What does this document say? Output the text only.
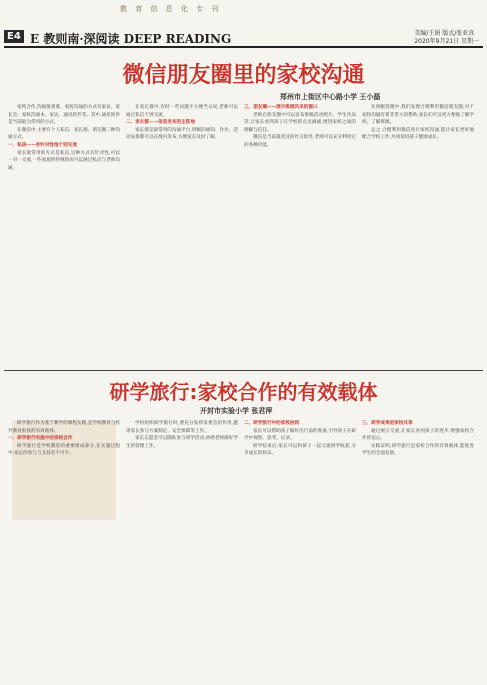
教 育 信 息 化 专 刊
E4 E 教则南·深阅读 DEEP READING	美编/王娟 版式/张亚真
2020年9月21日 星期一
微信朋友圈里的家校沟通
郑州市上街区中心路小学 王小磊

家校合作,沟通很重要。家校沟通的方式有家访、家长会、家校沟通本、家访、通讯软件等。其中,通讯软件是当前最为常用的方式。

在微信中,主要有个人私信、家长群、朋友圈三种沟通方式。

一、私信——有针对性地个别交流

家长最常用的方式是私信,这种方式有针对性,可以一对一交流,一些家庭的特殊情况可以通过私信与老师沟通。

在家长群中,有时一些问题不方便当众说,老师可以通过私信个别交流。

二、家长群——信息发布的主阵地

家长群是最常用的沟通平台,班级的通知、作业、活动安排都可以在群内发布,方便家长及时了解。

三、朋友圈——展示班级风采的窗口

老师在朋友圈中可以发布班级活动照片、学生作品等,让家长看到孩子在学校的点点滴滴,增进家校之间的理解与信任。

微信是当前最普及的社交软件,老师可以充分利用它的各种功能。

在班级管理中,我们发现合理利用微信朋友圈,对于家校沟通有着非常大的帮助,家长们可以更方便地了解学校、了解班级。

总之,合理利用微信进行家校沟通,能让家长更好地配合学校工作,共同促进孩子健康成长。

研学旅行:家校合作的有效载体
开封市实验小学 张君萍

研学旅行作为基于教学的课程实践,是学校教育与校外教育衔接的有效载体。

一、研学旅行实施中的家校合作

研学旅行是学校教育的重要组成部分,在实施过程中,家长的参与与支持必不可少。

学校组织研学旅行时,要充分发挥家委会的作用,邀请家长参与方案制定、安全保障等工作。

家长志愿者可以随队参与研学活动,协助老师做好学生的管理工作。

二、研学旅行中的家校协同

家长可以帮助孩子做好出行前的准备,引导孩子在研学中观察、思考、记录。

研学结束后,家长可以和孩子一起交流研学收获,分享成长的快乐。

三、研学成果的家校共享

通过展示交流,让家长看到孩子的进步,增强家校合作的信心。

实践证明,研学旅行是家校合作的有效载体,能促进学生的全面发展。
